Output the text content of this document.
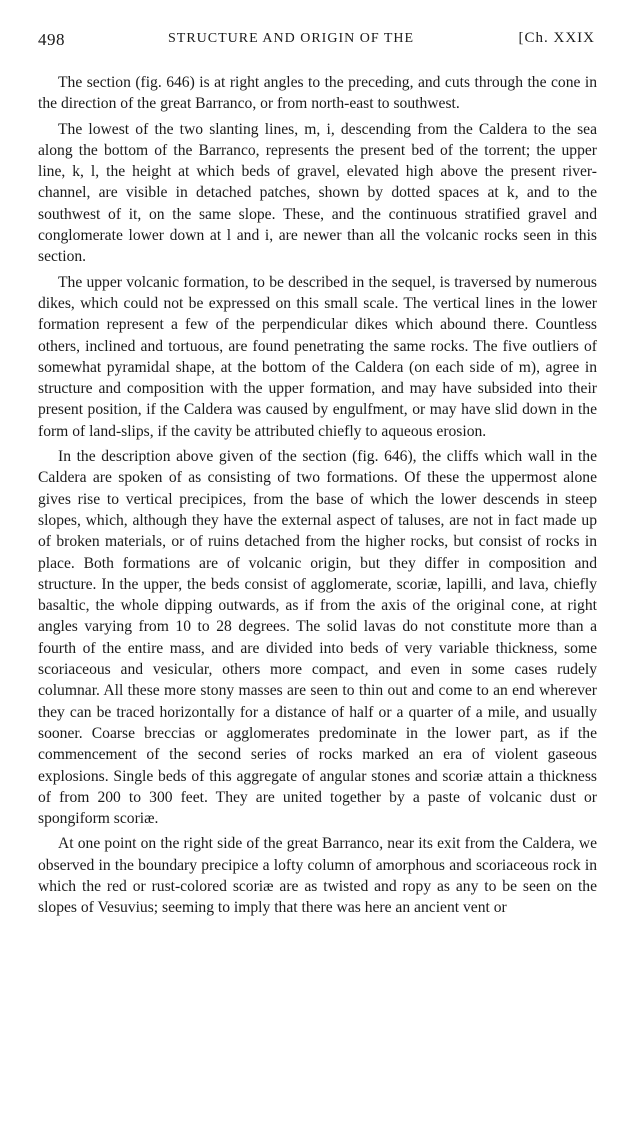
498	STRUCTURE AND ORIGIN OF THE	[Ch. XXIX

The section (fig. 646) is at right angles to the preceding, and cuts through the cone in the direction of the great Barranco, or from north-east to southwest.

The lowest of the two slanting lines, m, i, descending from the Caldera to the sea along the bottom of the Barranco, represents the present bed of the torrent; the upper line, k, l, the height at which beds of gravel, elevated high above the present river-channel, are visible in detached patches, shown by dotted spaces at k, and to the southwest of it, on the same slope. These, and the continuous stratified gravel and conglomerate lower down at l and i, are newer than all the volcanic rocks seen in this section.

The upper volcanic formation, to be described in the sequel, is traversed by numerous dikes, which could not be expressed on this small scale. The vertical lines in the lower formation represent a few of the perpendicular dikes which abound there. Countless others, inclined and tortuous, are found penetrating the same rocks. The five outliers of somewhat pyramidal shape, at the bottom of the Caldera (on each side of m), agree in structure and composition with the upper formation, and may have subsided into their present position, if the Caldera was caused by engulfment, or may have slid down in the form of land-slips, if the cavity be attributed chiefly to aqueous erosion.

In the description above given of the section (fig. 646), the cliffs which wall in the Caldera are spoken of as consisting of two formations. Of these the uppermost alone gives rise to vertical precipices, from the base of which the lower descends in steep slopes, which, although they have the external aspect of taluses, are not in fact made up of broken materials, or of ruins detached from the higher rocks, but consist of rocks in place. Both formations are of volcanic origin, but they differ in composition and structure. In the upper, the beds consist of agglomerate, scoriæ, lapilli, and lava, chiefly basaltic, the whole dipping outwards, as if from the axis of the original cone, at right angles varying from 10 to 28 degrees. The solid lavas do not constitute more than a fourth of the entire mass, and are divided into beds of very variable thickness, some scoriaceous and vesicular, others more compact, and even in some cases rudely columnar. All these more stony masses are seen to thin out and come to an end wherever they can be traced horizontally for a distance of half or a quarter of a mile, and usually sooner. Coarse breccias or agglomerates predominate in the lower part, as if the commencement of the second series of rocks marked an era of violent gaseous explosions. Single beds of this aggregate of angular stones and scoriæ attain a thickness of from 200 to 300 feet. They are united together by a paste of volcanic dust or spongiform scoriæ.

At one point on the right side of the great Barranco, near its exit from the Caldera, we observed in the boundary precipice a lofty column of amorphous and scoriaceous rock in which the red or rust-colored scoriæ are as twisted and ropy as any to be seen on the slopes of Vesuvius; seeming to imply that there was here an ancient vent or
